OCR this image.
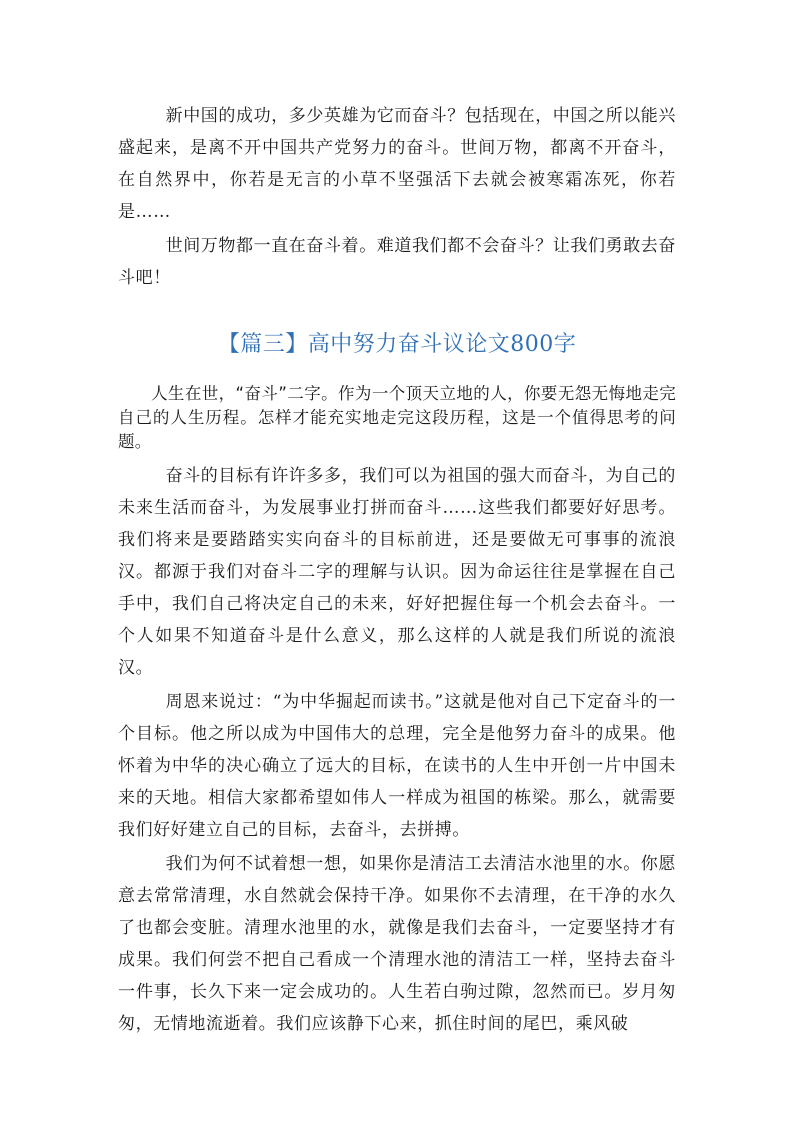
新中国的成功，多少英雄为它而奋斗？包括现在，中国之所以能兴盛起来，是离不开中国共产党努力的奋斗。世间万物，都离不开奋斗，在自然界中，你若是无言的小草不坚强活下去就会被寒霜冻死，你若是……

世间万物都一直在奋斗着。难道我们都不会奋斗？让我们勇敢去奋斗吧！

【篇三】高中努力奋斗议论文800字

人生在世，“奋斗”二字。作为一个顶天立地的人，你要无怨无悔地走完自己的人生历程。怎样才能充实地走完这段历程，这是一个值得思考的问题。

奋斗的目标有许许多多，我们可以为祖国的强大而奋斗，为自己的未来生活而奋斗，为发展事业打拼而奋斗……这些我们都要好好思考。我们将来是要踏踏实实向奋斗的目标前进，还是要做无可事事的流浪汉。都源于我们对奋斗二字的理解与认识。因为命运往往是掌握在自己手中，我们自己将决定自己的未来，好好把握住每一个机会去奋斗。一个人如果不知道奋斗是什么意义，那么这样的人就是我们所说的流浪汉。

周恩来说过：“为中华掘起而读书。”这就是他对自己下定奋斗的一个目标。他之所以成为中国伟大的总理，完全是他努力奋斗的成果。他怀着为中华的决心确立了远大的目标，在读书的人生中开创一片中国未来的天地。相信大家都希望如伟人一样成为祖国的栋梁。那么，就需要我们好好建立自己的目标，去奋斗，去拼搏。

我们为何不试着想一想，如果你是清洁工去清洁水池里的水。你愿意去常常清理，水自然就会保持干净。如果你不去清理，在干净的水久了也都会变脏。清理水池里的水，就像是我们去奋斗，一定要坚持才有成果。我们何尝不把自己看成一个清理水池的清洁工一样，坚持去奋斗一件事，长久下来一定会成功的。人生若白驹过隙，忽然而已。岁月匆匆，无情地流逝着。我们应该静下心来，抓住时间的尾巴，乘风破
